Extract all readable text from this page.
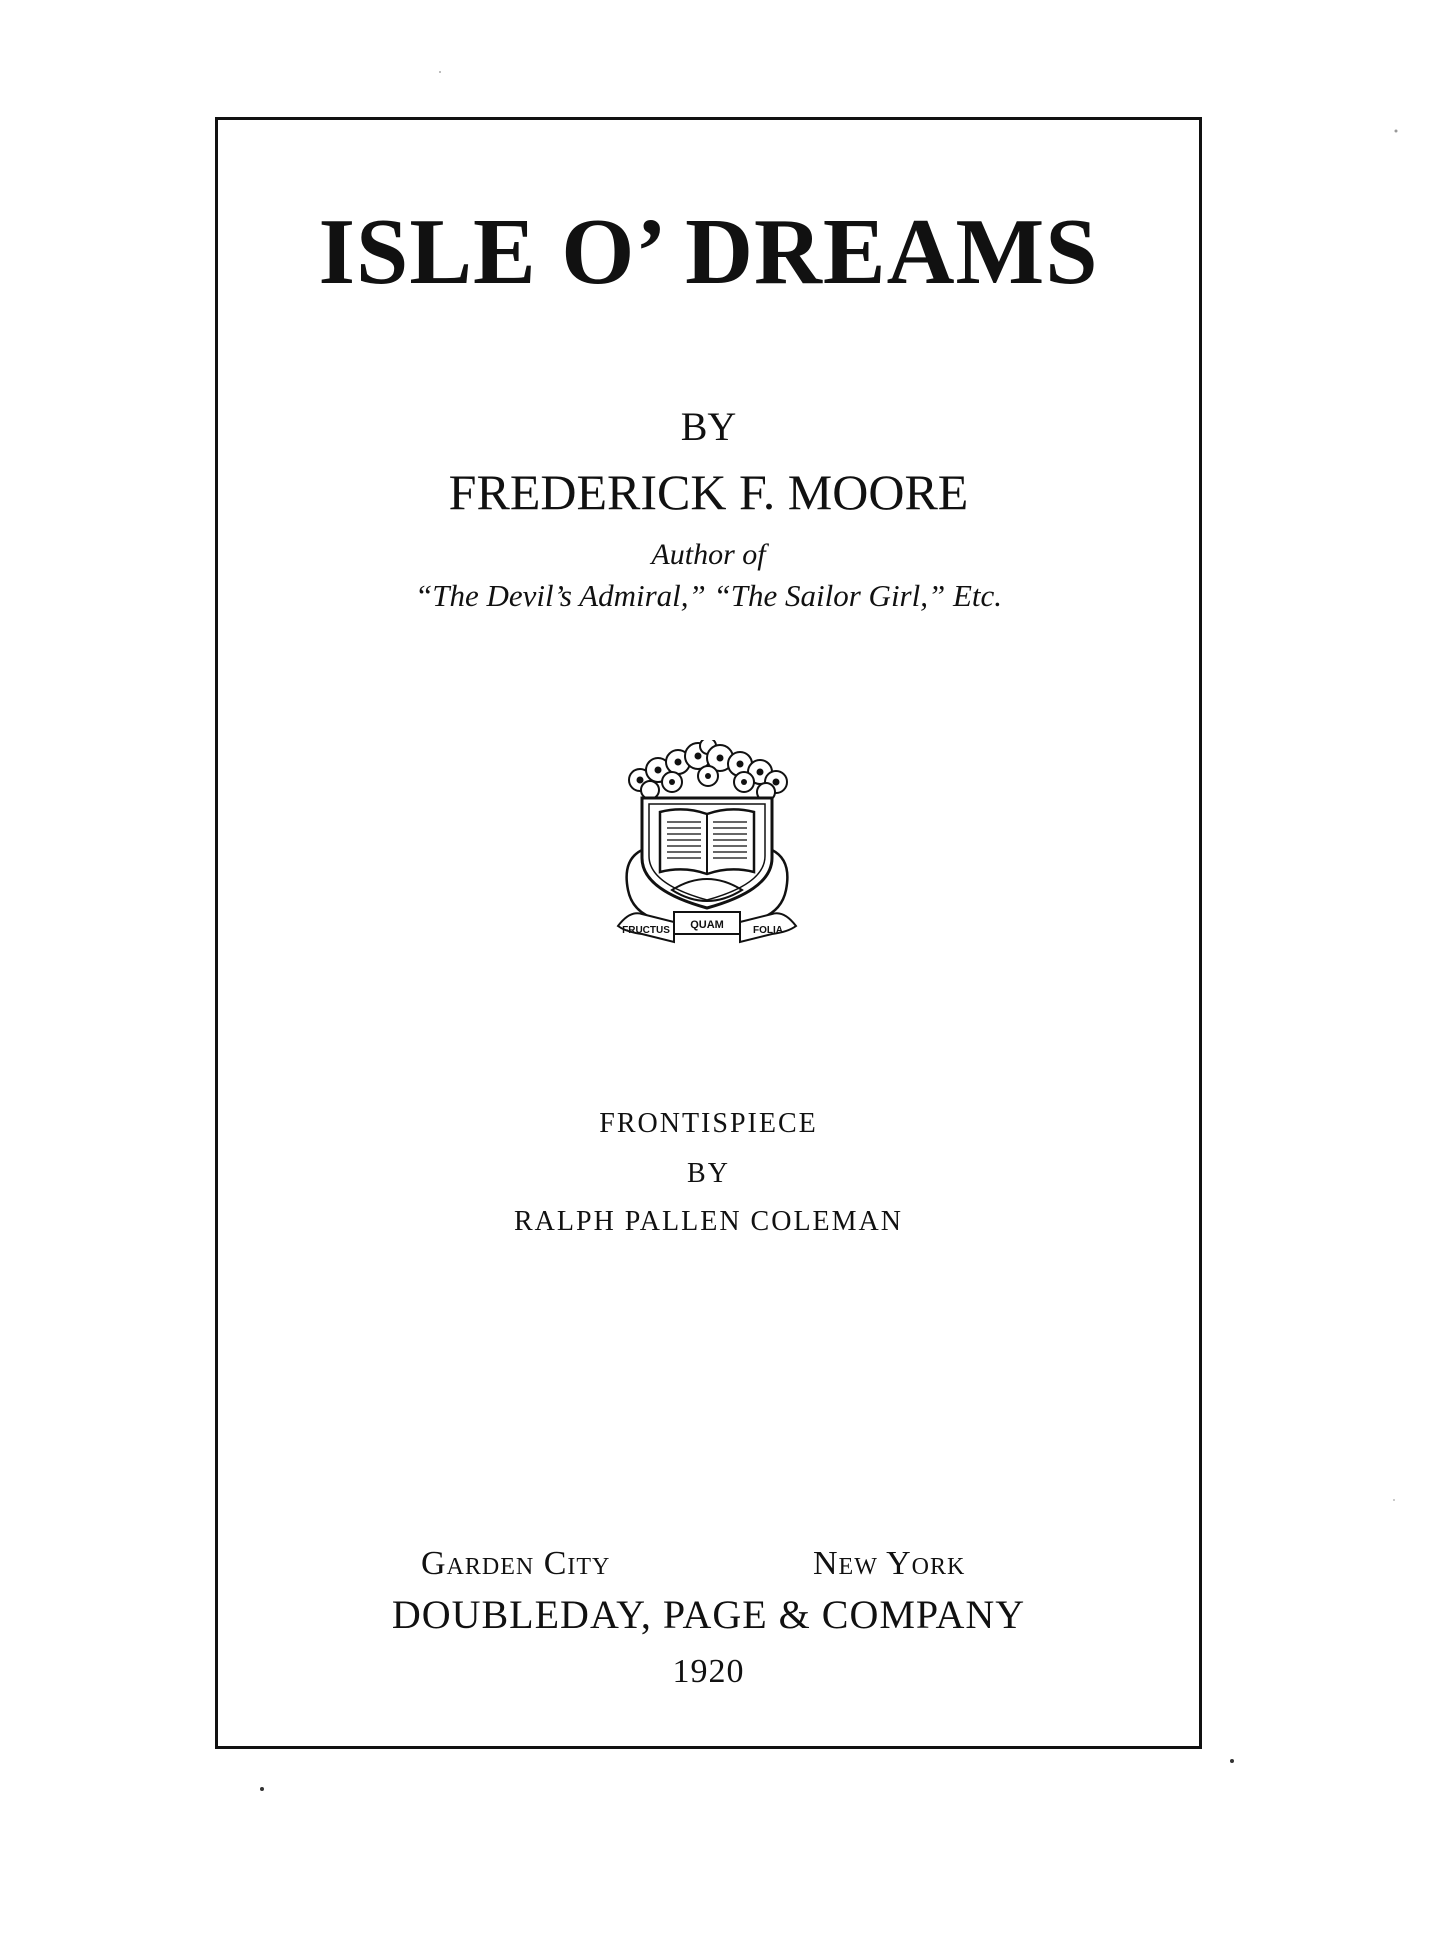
ISLE O’ DREAMS
BY
FREDERICK F. MOORE
Author of
“The Devil’s Admiral,” “The Sailor Girl,” Etc.
FRUCTUS QUAM	FOLIA
FRONTISPIECE
BY
RALPH PALLEN COLEMAN
Garden City	New York
DOUBLEDAY, PAGE & COMPANY
1920
